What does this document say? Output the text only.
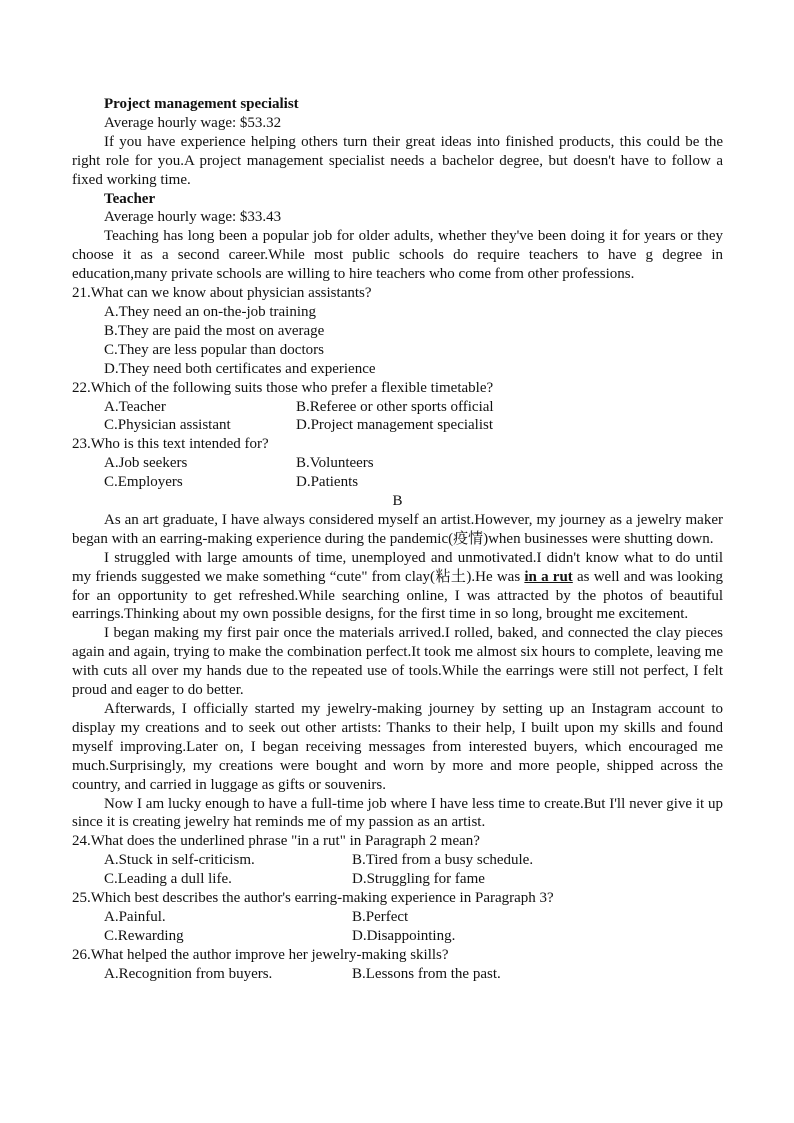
Project management specialist

Average hourly wage: $53.32

If you have experience helping others turn their great ideas into finished products, this could be the right role for you.A project management specialist needs a bachelor degree, but doesn't have to follow a fixed working time.

Teacher

Average hourly wage: $33.43

Teaching has long been a popular job for older adults, whether they've been doing it for years or they choose it as a second career.While most public schools do require teachers to have g degree in education,many private schools are willing to hire teachers who come from other professions.

21.What can we know about physician assistants?

A.They need an on-the-job training

B.They are paid the most on average

C.They are less popular than doctors

D.They need both certificates and experience

22.Which of the following suits those who prefer a flexible timetable?

A.Teacher	B.Referee or other sports official
C.Physician assistant	D.Project management specialist

23.Who is this text intended for?

A.Job seekers	B.Volunteers
C.Employers	D.Patients

B

As an art graduate, I have always considered myself an artist.However, my journey as a jewelry maker began with an earring-making experience during the pandemic(疫情)when businesses were shutting down.

I struggled with large amounts of time, unemployed and unmotivated.I didn't know what to do until my friends suggested we make something “cute" from clay(粘土).He was in a rut as well and was looking for an opportunity to get refreshed.While searching online, I was attracted by the photos of beautiful earrings.Thinking about my own possible designs, for the first time in so long, brought me excitement.

I began making my first pair once the materials arrived.I rolled, baked, and connected the clay pieces again and again, trying to make the combination perfect.It took me almost six hours to complete, leaving me with cuts all over my hands due to the repeated use of tools.While the earrings were still not perfect, I felt proud and eager to do better.

Afterwards, I officially started my jewelry-making journey by setting up an Instagram account to display my creations and to seek out other artists: Thanks to their help, I built upon my skills and found myself improving.Later on, I began receiving messages from interested buyers, which encouraged me much.Surprisingly, my creations were bought and worn by more and more people, shipped across the country, and carried in luggage as gifts or souvenirs.

Now I am lucky enough to have a full-time job where I have less time to create.But I'll never give it up since it is creating jewelry hat reminds me of my passion as an artist.

24.What does the underlined phrase "in a rut" in Paragraph 2 mean?

A.Stuck in self-criticism.	B.Tired from a busy schedule.
C.Leading a dull life.	D.Struggling for fame

25.Which best describes the author's earring-making experience in Paragraph 3?

A.Painful.	B.Perfect
C.Rewarding	D.Disappointing.

26.What helped the author improve her jewelry-making skills?

A.Recognition from buyers.	B.Lessons from the past.
